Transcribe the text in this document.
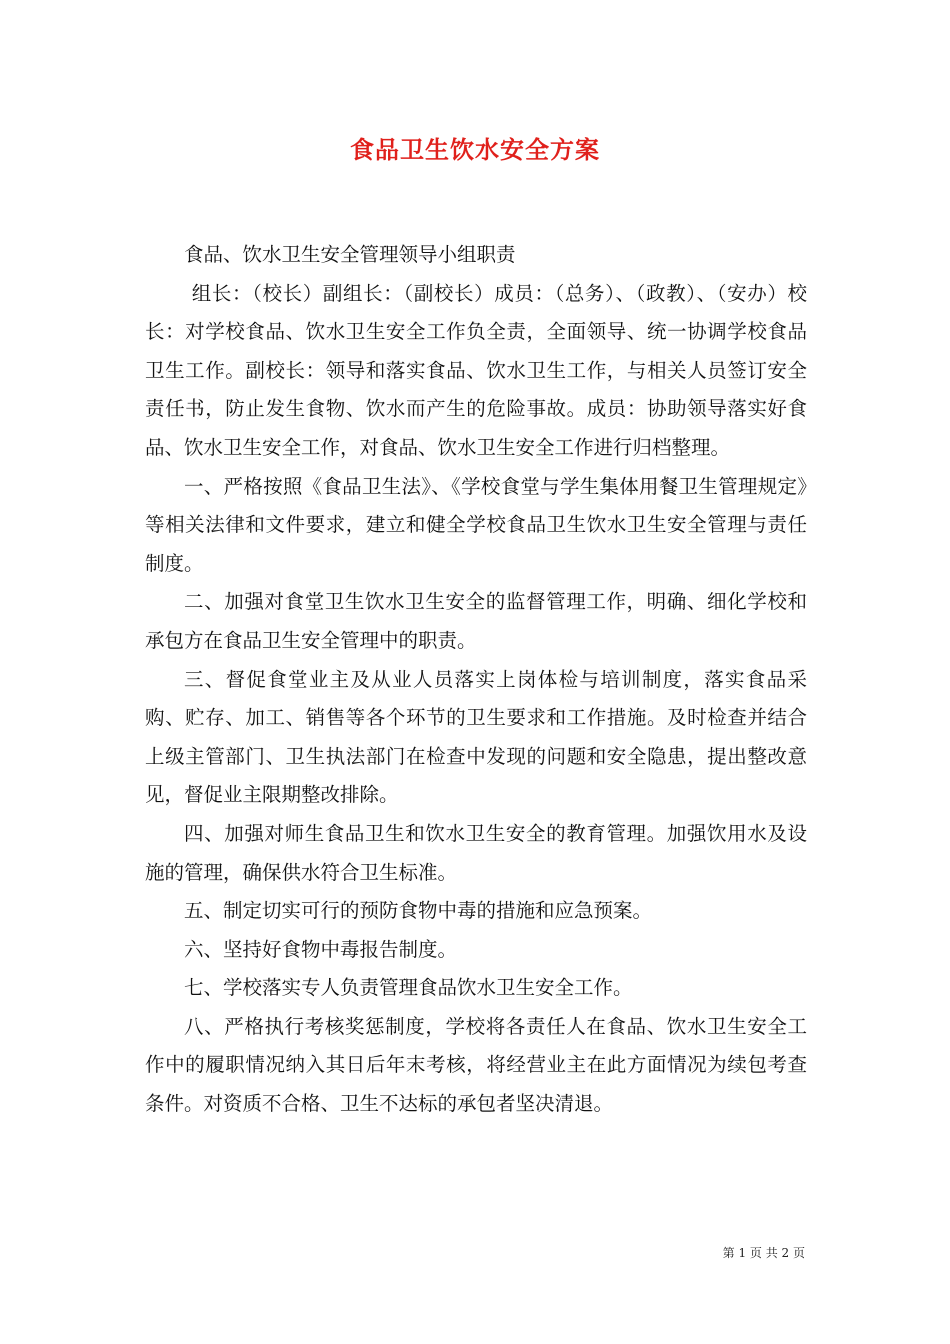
食品卫生饮水安全方案

食品、饮水卫生安全管理领导小组职责

组长：（校长）副组长：（副校长）成员：（总务）、（政教）、（安办）校长：对学校食品、饮水卫生安全工作负全责，全面领导、统一协调学校食品卫生工作。副校长：领导和落实食品、饮水卫生工作，与相关人员签订安全责任书，防止发生食物、饮水而产生的危险事故。成员：协助领导落实好食品、饮水卫生安全工作，对食品、饮水卫生安全工作进行归档整理。

一、严格按照《食品卫生法》、《学校食堂与学生集体用餐卫生管理规定》等相关法律和文件要求，建立和健全学校食品卫生饮水卫生安全管理与责任制度。

二、加强对食堂卫生饮水卫生安全的监督管理工作，明确、细化学校和承包方在食品卫生安全管理中的职责。

三、督促食堂业主及从业人员落实上岗体检与培训制度，落实食品采购、贮存、加工、销售等各个环节的卫生要求和工作措施。及时检查并结合上级主管部门、卫生执法部门在检查中发现的问题和安全隐患，提出整改意见，督促业主限期整改排除。

四、加强对师生食品卫生和饮水卫生安全的教育管理。加强饮用水及设施的管理，确保供水符合卫生标准。

五、制定切实可行的预防食物中毒的措施和应急预案。

六、坚持好食物中毒报告制度。

七、学校落实专人负责管理食品饮水卫生安全工作。

八、严格执行考核奖惩制度，学校将各责任人在食品、饮水卫生安全工作中的履职情况纳入其日后年末考核，将经营业主在此方面情况为续包考查条件。对资质不合格、卫生不达标的承包者坚决清退。

第 1 页 共 2 页
